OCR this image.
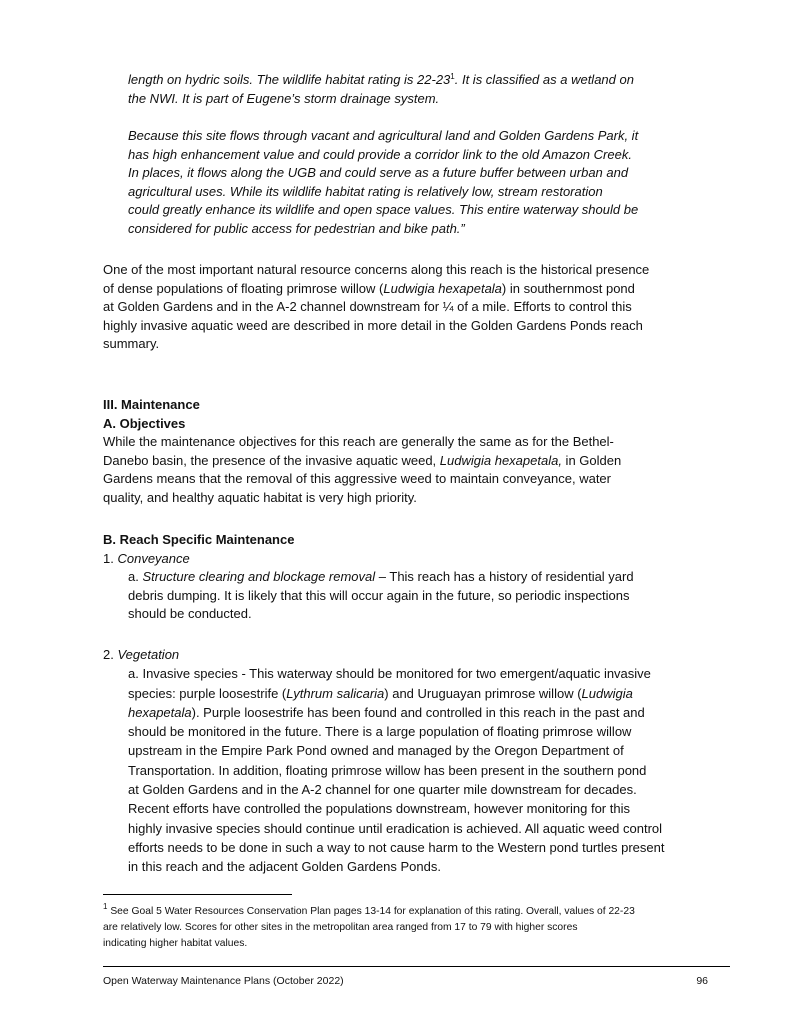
length on hydric soils. The wildlife habitat rating is $22-23^1$. It is classified as a wetland on
the NWI. It is part of Eugene’s storm drainage system.
Because this site flows through vacant and agricultural land and Golden Gardens Park, it
has high enhancement value and could provide a corridor link to the old Amazon Creek.
In places, it flows along the UGB and could serve as a future buffer between urban and
agricultural uses. While its wildlife habitat rating is relatively low, stream restoration
could greatly enhance its wildlife and open space values. This entire waterway should be
considered for public access for pedestrian and bike path.”
One of the most important natural resource concerns along this reach is the historical presence
of dense populations of floating primrose willow (Ludwigia hexapetala) in southernmost pond
at Golden Gardens and in the A-2 channel downstream for ¼ of a mile. Efforts to control this
highly invasive aquatic weed are described in more detail in the Golden Gardens Ponds reach
summary.
III. Maintenance
A. Objectives
While the maintenance objectives for this reach are generally the same as for the Bethel-
Danebo basin, the presence of the invasive aquatic weed, Ludwigia hexapetala, in Golden
Gardens means that the removal of this aggressive weed to maintain conveyance, water
quality, and healthy aquatic habitat is very high priority.
B. Reach Specific Maintenance
1. Conveyance
a. Structure clearing and blockage removal – This reach has a history of residential yard
debris dumping. It is likely that this will occur again in the future, so periodic inspections
should be conducted.
2. Vegetation
a. Invasive species - This waterway should be monitored for two emergent/aquatic invasive
species: purple loosestrife (Lythrum salicaria) and Uruguayan primrose willow (Ludwigia
hexapetala). Purple loosestrife has been found and controlled in this reach in the past and
should be monitored in the future. There is a large population of floating primrose willow
upstream in the Empire Park Pond owned and managed by the Oregon Department of
Transportation. In addition, floating primrose willow has been present in the southern pond
at Golden Gardens and in the A-2 channel for one quarter mile downstream for decades.
Recent efforts have controlled the populations downstream, however monitoring for this
highly invasive species should continue until eradication is achieved. All aquatic weed control
efforts needs to be done in such a way to not cause harm to the Western pond turtles present
in this reach and the adjacent Golden Gardens Ponds.
$^1$ See Goal 5 Water Resources Conservation Plan pages 13-14 for explanation of this rating. Overall, values of 22-23
are relatively low. Scores for other sites in the metropolitan area ranged from 17 to 79 with higher scores
indicating higher habitat values.
Open Waterway Maintenance Plans (October 2022)	96
